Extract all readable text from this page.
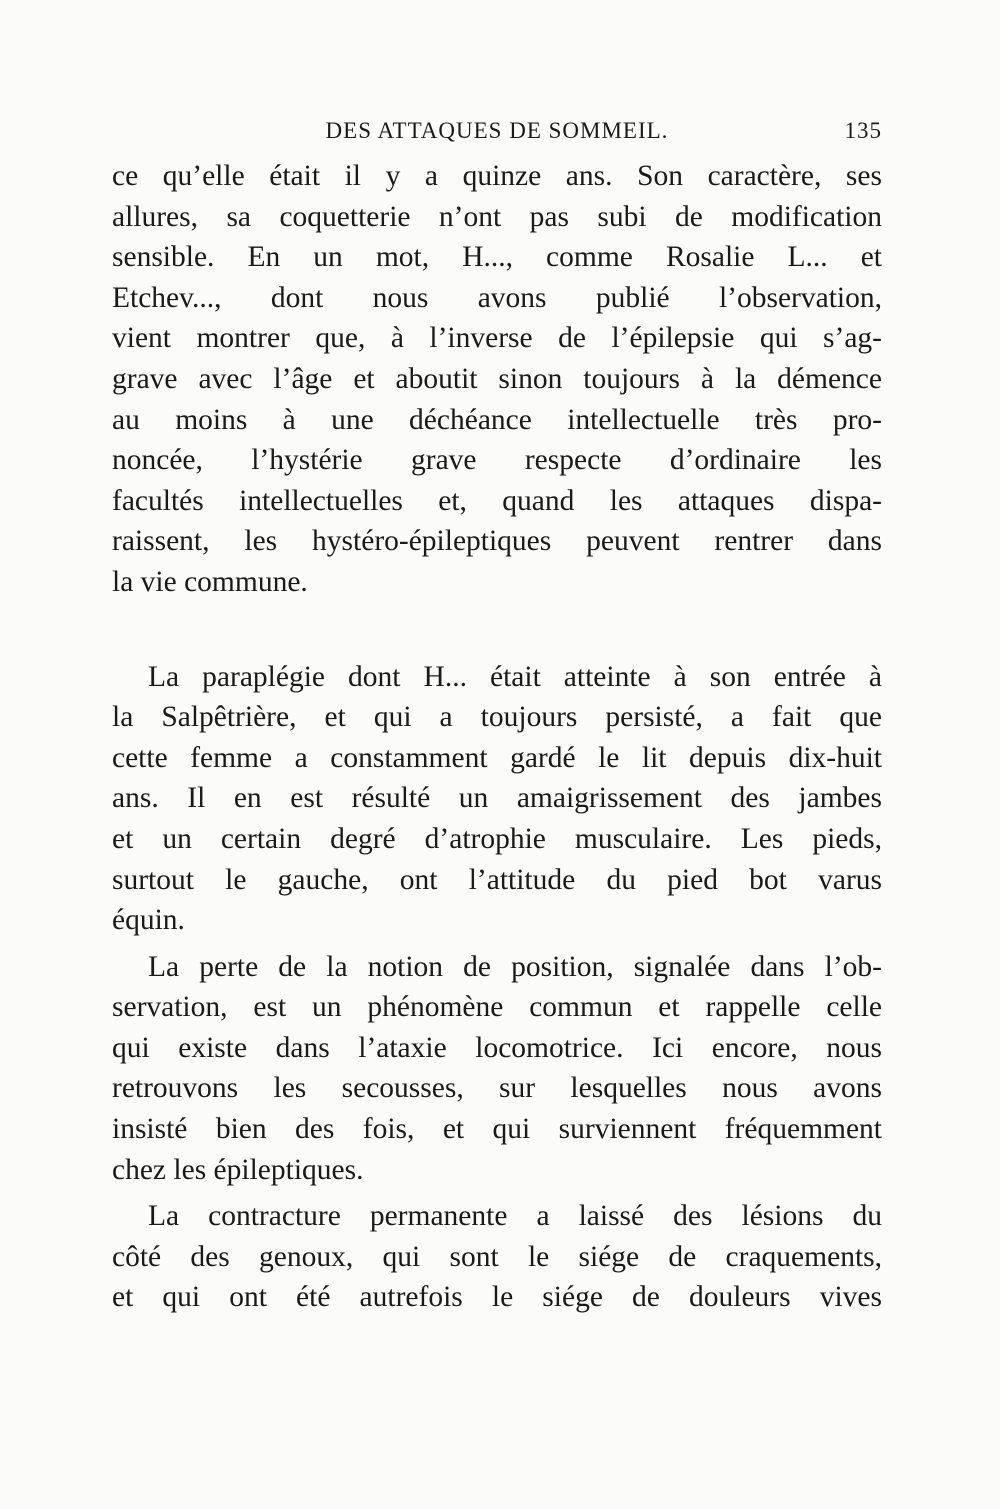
DES ATTAQUES DE SOMMEIL.	135
ce qu’elle était il y a quinze ans. Son caractère, ses
allures, sa coquetterie n’ont pas subi de modification
sensible. En un mot, H..., comme Rosalie L... et
Etchev..., dont nous avons publié l’observation,
vient montrer que, à l’inverse de l’épilepsie qui s’ag-
grave avec l’âge et aboutit sinon toujours à la démence
au moins à une déchéance intellectuelle très pro-
noncée, l’hystérie grave respecte d’ordinaire les
facultés intellectuelles et, quand les attaques dispa-
raissent, les hystéro-épileptiques peuvent rentrer dans
la vie commune.
La paraplégie dont H... était atteinte à son entrée à
la Salpêtrière, et qui a toujours persisté, a fait que
cette femme a constamment gardé le lit depuis dix-huit
ans. Il en est résulté un amaigrissement des jambes
et un certain degré d’atrophie musculaire. Les pieds,
surtout le gauche, ont l’attitude du pied bot varus
équin.
La perte de la notion de position, signalée dans l’ob-
servation, est un phénomène commun et rappelle celle
qui existe dans l’ataxie locomotrice. Ici encore, nous
retrouvons les secousses, sur lesquelles nous avons
insisté bien des fois, et qui surviennent fréquemment
chez les épileptiques.
La contracture permanente a laissé des lésions du
côté des genoux, qui sont le siége de craquements,
et qui ont été autrefois le siége de douleurs vives
